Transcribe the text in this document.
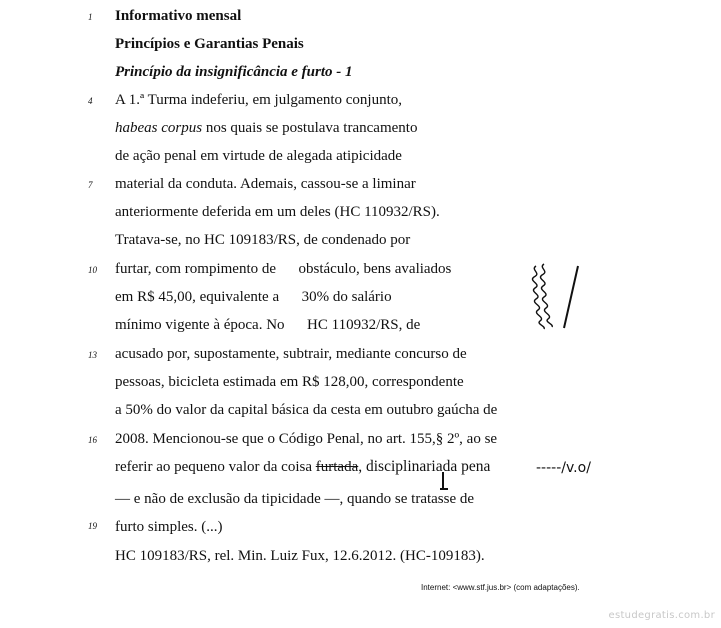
1
4
7
10
13
16
19
Informativo mensal
Princípios e Garantias Penais
Princípio da insignificância e furto - 1
A 1.ª Turma indeferiu, em julgamento conjunto,
habeas corpus nos quais se postulava trancamento
de ação penal em virtude de alegada atipicidade
material da conduta. Ademais, cassou-se a liminar
anteriormente deferida em um deles (HC 110932/RS).
Tratava-se, no HC 109183/RS, de condenado por
furtar, com rompimento de      obstáculo, bens avaliados
em R$ 45,00, equivalente a      30% do salário
mínimo vigente à época. No      HC 110932/RS, de
acusado por, supostamente, subtrair, mediante concurso de
pessoas, bicicleta estimada em R$ 128,00, correspondente
a 50% do valor da capital básica da cesta em outubro gaúcha de
2008. Mencionou-se que o Código Penal, no art. 155,§ 2º, ao se
referir ao pequeno valor da coisa furtada, disciplinariada pena
— e não de exclusão da tipicidade —, quando se tratasse de
furto simples. (...)
HC 109183/RS, rel. Min. Luiz Fux, 12.6.2012. (HC-109183).
-----/v.o/
Internet: <www.stf.jus.br> (com adaptações).
estudegratis.com.br
